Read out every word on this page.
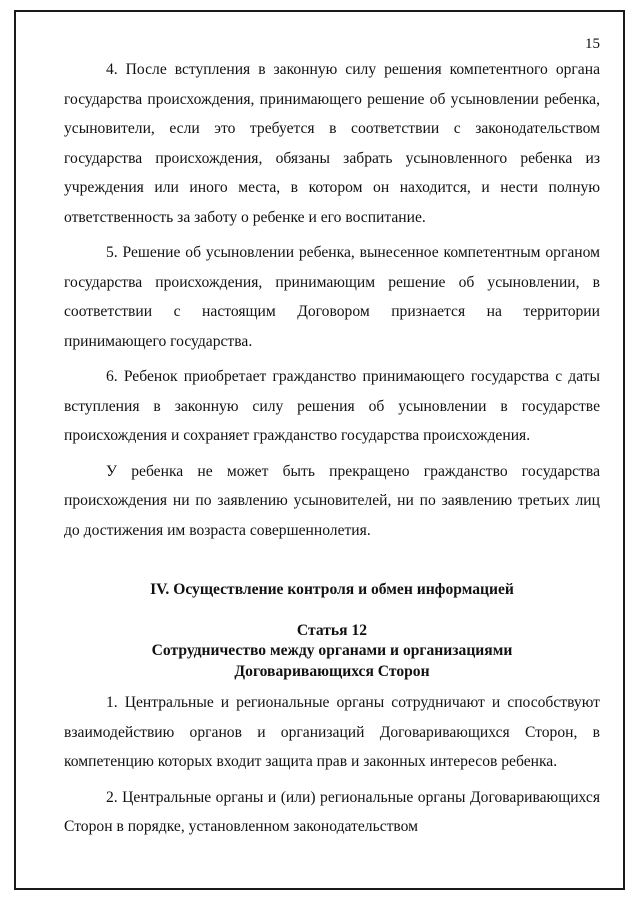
15

4. После вступления в законную силу решения компетентного органа государства происхождения, принимающего решение об усыновлении ребенка, усыновители, если это требуется в соответствии с законодательством государства происхождения, обязаны забрать усыновленного ребенка из учреждения или иного места, в котором он находится, и нести полную ответственность за заботу о ребенке и его воспитание.

5. Решение об усыновлении ребенка, вынесенное компетентным органом государства происхождения, принимающим решение об усыновлении, в соответствии с настоящим Договором признается на территории принимающего государства.

6. Ребенок приобретает гражданство принимающего государства с даты вступления в законную силу решения об усыновлении в государстве происхождения и сохраняет гражданство государства происхождения.

У ребенка не может быть прекращено гражданство государства происхождения ни по заявлению усыновителей, ни по заявлению третьих лиц до достижения им возраста совершеннолетия.

IV. Осуществление контроля и обмен информацией
Статья 12
Сотрудничество между органами и организациями
Договаривающихся Сторон

1. Центральные и региональные органы сотрудничают и способствуют взаимодействию органов и организаций Договаривающихся Сторон, в компетенцию которых входит защита прав и законных интересов ребенка.

2. Центральные органы и (или) региональные органы Договаривающихся Сторон в порядке, установленном законодательством
